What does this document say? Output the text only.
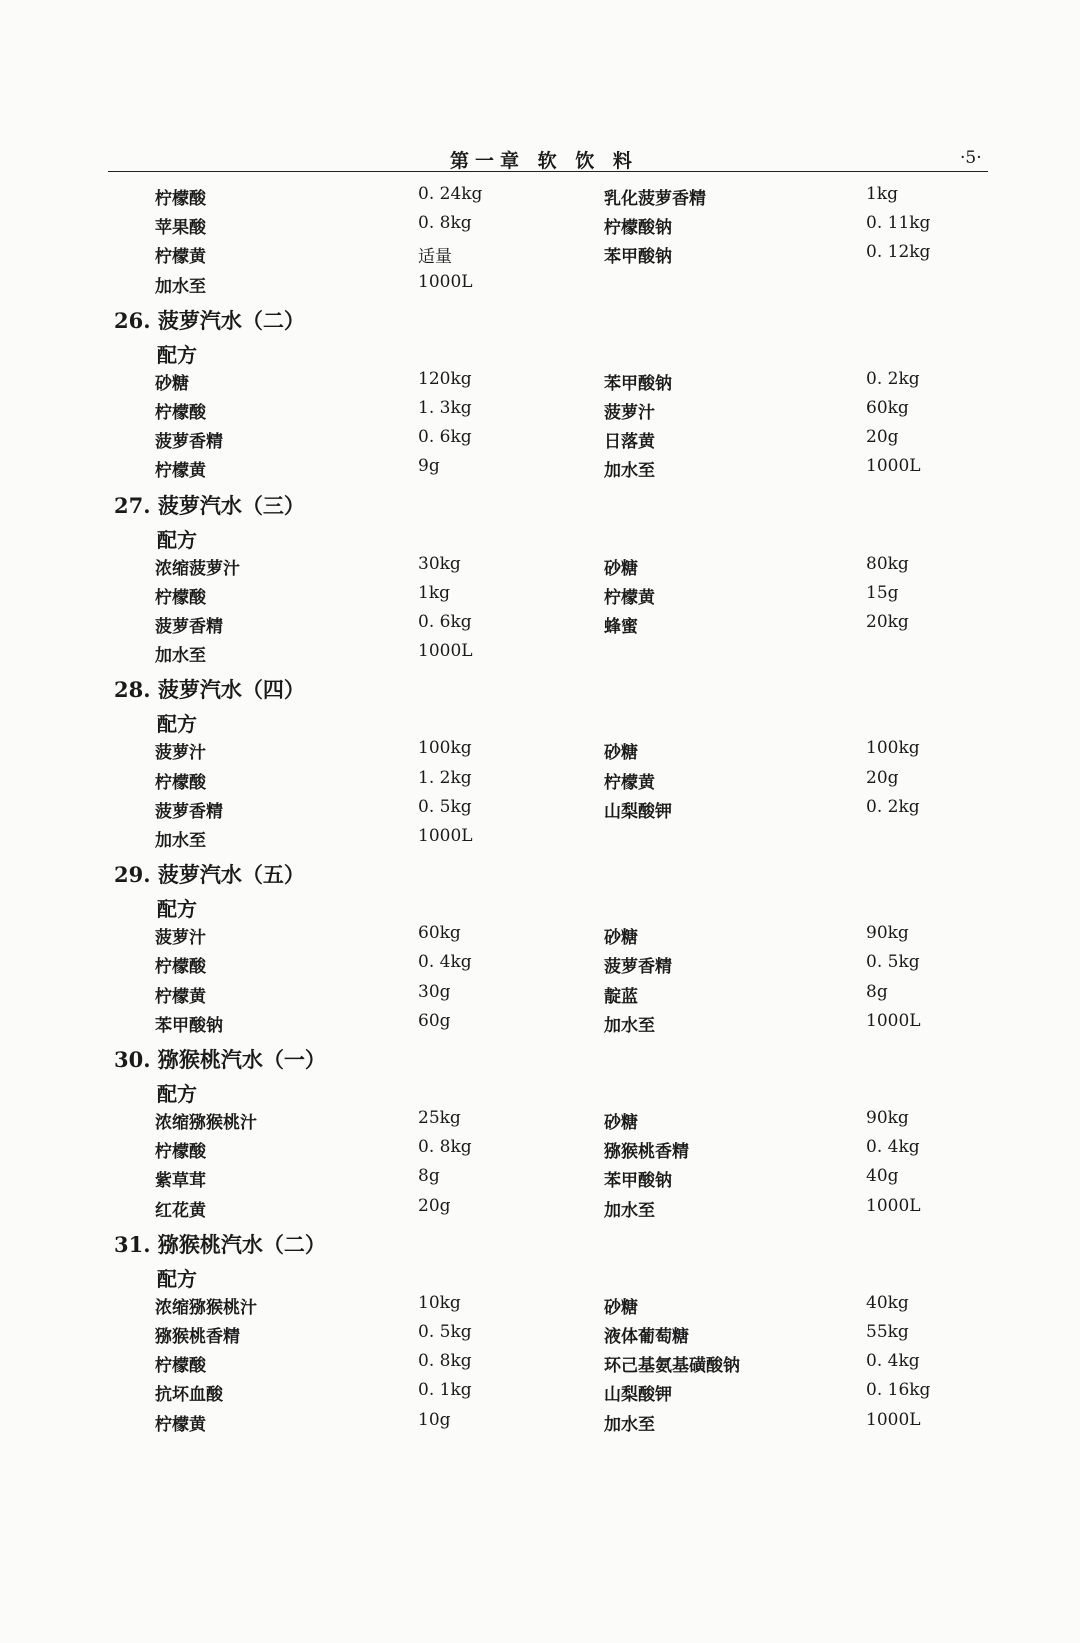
第一章 软 饮 料	·5·
柠檬酸	0. 24kg	乳化菠萝香精	1kg
苹果酸	0. 8kg	柠檬酸钠	0. 11kg
柠檬黄	适量	苯甲酸钠	0. 12kg
加水至	1000L
26. 菠萝汽水（二）
配方
砂糖	120kg	苯甲酸钠	0. 2kg
柠檬酸	1. 3kg	菠萝汁	60kg
菠萝香精	0. 6kg	日落黄	20g
柠檬黄	9g	加水至	1000L
27. 菠萝汽水（三）
配方
浓缩菠萝汁	30kg	砂糖	80kg
柠檬酸	1kg	柠檬黄	15g
菠萝香精	0. 6kg	蜂蜜	20kg
加水至	1000L
28. 菠萝汽水（四）
配方
菠萝汁	100kg	砂糖	100kg
柠檬酸	1. 2kg	柠檬黄	20g
菠萝香精	0. 5kg	山梨酸钾	0. 2kg
加水至	1000L
29. 菠萝汽水（五）
配方
菠萝汁	60kg	砂糖	90kg
柠檬酸	0. 4kg	菠萝香精	0. 5kg
柠檬黄	30g	靛蓝	8g
苯甲酸钠	60g	加水至	1000L
30. 猕猴桃汽水（一）
配方
浓缩猕猴桃汁	25kg	砂糖	90kg
柠檬酸	0. 8kg	猕猴桃香精	0. 4kg
紫草茸	8g	苯甲酸钠	40g
红花黄	20g	加水至	1000L
31. 猕猴桃汽水（二）
配方
浓缩猕猴桃汁	10kg	砂糖	40kg
猕猴桃香精	0. 5kg	液体葡萄糖	55kg
柠檬酸	0. 8kg	环己基氨基磺酸钠	0. 4kg
抗坏血酸	0. 1kg	山梨酸钾	0. 16kg
柠檬黄	10g	加水至	1000L
